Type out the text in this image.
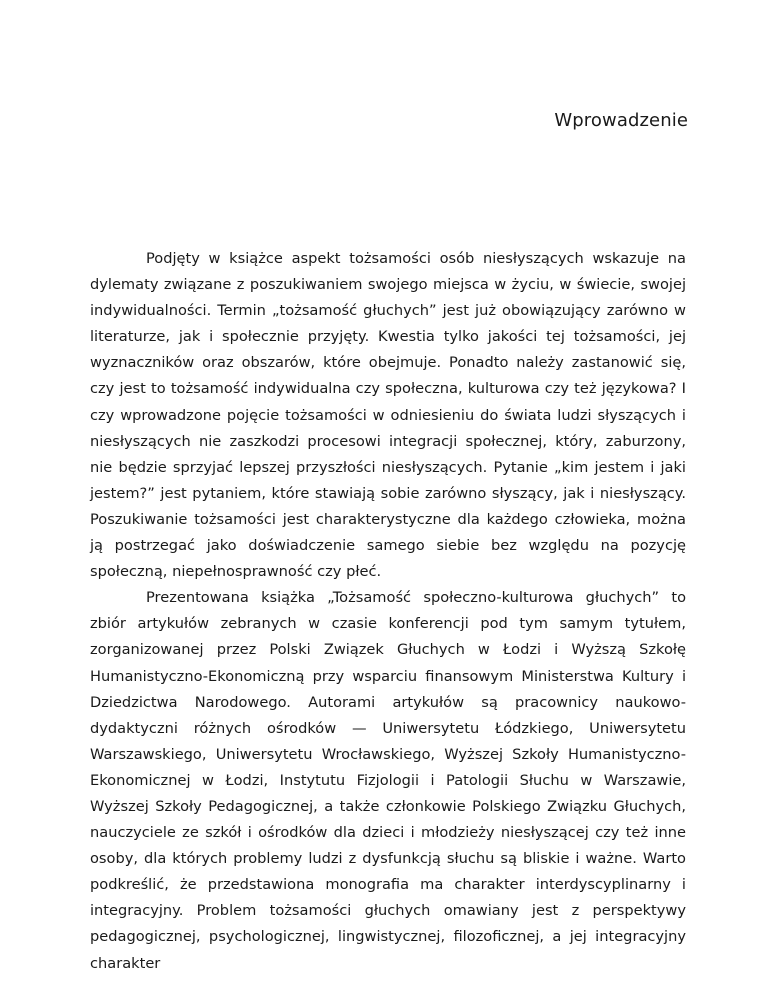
Wprowadzenie

Podjęty w książce aspekt tożsamości osób niesłyszących wskazuje na dylematy związane z poszukiwaniem swojego miejsca w życiu, w świecie, swojej indywidualności. Termin „tożsamość głuchych” jest już obowiązujący zarówno w literaturze, jak i społecznie przyjęty. Kwestia tylko jakości tej tożsamości, jej wyznaczników oraz obszarów, które obejmuje. Ponadto należy zastanowić się, czy jest to tożsamość indywidualna czy społeczna, kulturowa czy też językowa? I czy wprowadzone pojęcie tożsamości w odniesieniu do świata ludzi słyszących i niesłyszących nie zaszkodzi procesowi integracji społecznej, który, zaburzony, nie będzie sprzyjać lepszej przyszłości niesłyszących. Pytanie „kim jestem i jaki jestem?” jest pytaniem, które stawiają sobie zarówno słyszący, jak i niesłyszący. Poszukiwanie tożsamości jest charakterystyczne dla każdego człowieka, można ją postrzegać jako doświadczenie samego siebie bez względu na pozycję społeczną, niepełnosprawność czy płeć.

Prezentowana książka „Tożsamość społeczno-kulturowa głuchych” to zbiór artykułów zebranych w czasie konferencji pod tym samym tytułem, zorganizowanej przez Polski Związek Głuchych w Łodzi i Wyższą Szkołę Humanistyczno-Ekonomiczną przy wsparciu finansowym Ministerstwa Kultury i Dziedzictwa Narodowego. Autorami artykułów są pracownicy naukowo-dydaktyczni różnych ośrodków — Uniwersytetu Łódzkiego, Uniwersytetu Warszawskiego, Uniwersytetu Wrocławskiego, Wyższej Szkoły Humanistyczno-Ekonomicznej w Łodzi, Instytutu Fizjologii i Patologii Słuchu w Warszawie, Wyższej Szkoły Pedagogicznej, a także członkowie Polskiego Związku Głuchych, nauczyciele ze szkół i ośrodków dla dzieci i młodzieży niesłyszącej czy też inne osoby, dla których problemy ludzi z dysfunkcją słuchu są bliskie i ważne. Warto podkreślić, że przedstawiona monografia ma charakter interdyscyplinarny i integracyjny. Problem tożsamości głuchych omawiany jest z perspektywy pedagogicznej, psychologicznej, lingwistycznej, filozoficznej, a jej integracyjny charakter
